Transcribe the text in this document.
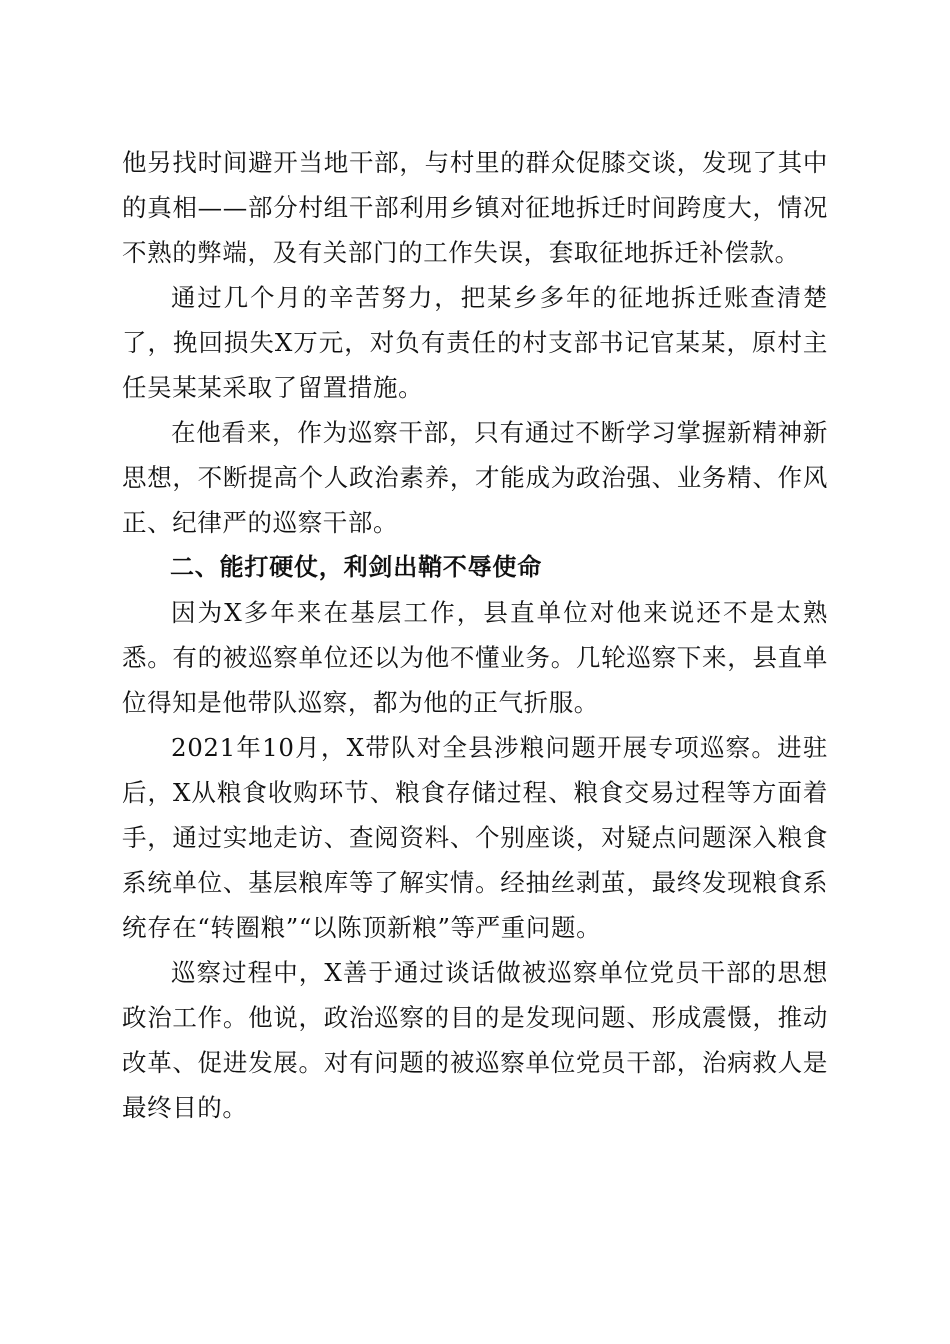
他另找时间避开当地干部，与村里的群众促膝交谈，发现了其中的真相——部分村组干部利用乡镇对征地拆迁时间跨度大，情况不熟的弊端，及有关部门的工作失误，套取征地拆迁补偿款。

通过几个月的辛苦努力，把某乡多年的征地拆迁账查清楚了，挽回损失X万元，对负有责任的村支部书记官某某，原村主任吴某某采取了留置措施。

在他看来，作为巡察干部，只有通过不断学习掌握新精神新思想，不断提高个人政治素养，才能成为政治强、业务精、作风正、纪律严的巡察干部。

二、能打硬仗，利剑出鞘不辱使命

因为X多年来在基层工作，县直单位对他来说还不是太熟悉。有的被巡察单位还以为他不懂业务。几轮巡察下来，县直单位得知是他带队巡察，都为他的正气折服。

2021年10月，X带队对全县涉粮问题开展专项巡察。进驻后，X从粮食收购环节、粮食存储过程、粮食交易过程等方面着手，通过实地走访、查阅资料、个别座谈，对疑点问题深入粮食系统单位、基层粮库等了解实情。经抽丝剥茧，最终发现粮食系统存在“转圈粮”“以陈顶新粮”等严重问题。

巡察过程中，X善于通过谈话做被巡察单位党员干部的思想政治工作。他说，政治巡察的目的是发现问题、形成震慑，推动改革、促进发展。对有问题的被巡察单位党员干部，治病救人是最终目的。
